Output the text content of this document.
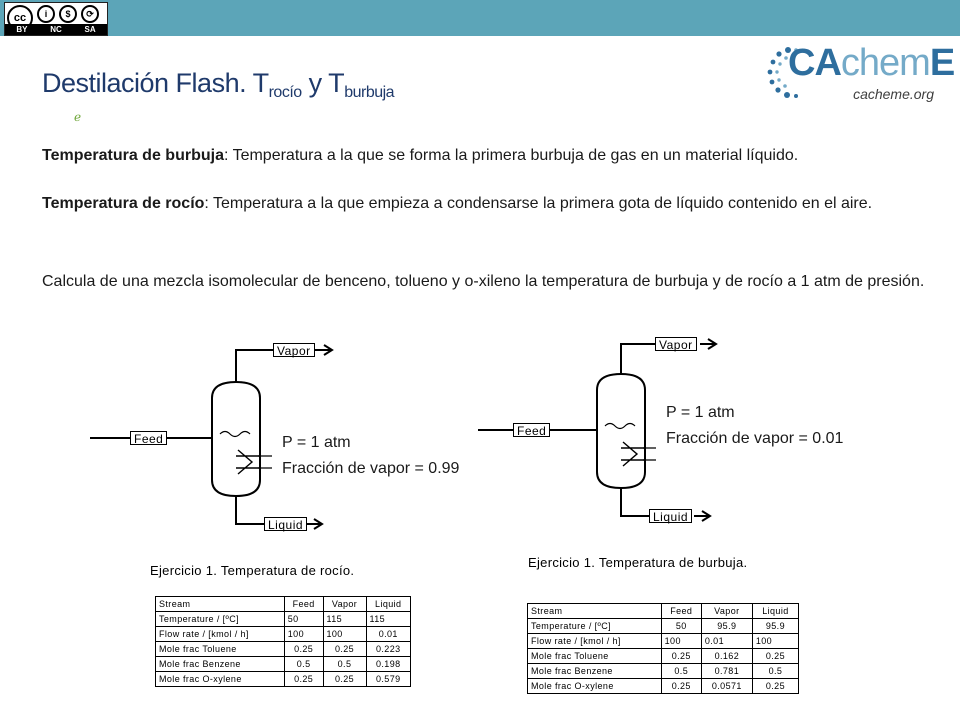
cc	i	$	⟳
BY	NC	SA
Destilación Flash. $T_{rocío}$ y $T_{burbuja}$
CAchemE
cacheme.org
ℯ
Temperatura de burbuja: Temperatura a la que se forma la primera burbuja de gas en un material líquido.
Temperatura de rocío: Temperatura a la que empieza a condensarse la primera gota de líquido contenido en el aire.
Calcula de una mezcla isomolecular de benceno, tolueno y o-xileno la temperatura de burbuja y de rocío a 1 atm de presión.
Vapor
Feed
Liquid
P = 1 atm
Fracción de vapor = 0.99
Vapor
Feed
Liquid
P = 1 atm
Fracción de vapor = 0.01
Ejercicio 1. Temperatura de rocío.
Stream	Feed	Vapor	Liquid
Temperature / [ºC]	50	115	115
Flow rate / [kmol / h]	100	100	0.01
Mole frac Toluene	0.25	0.25	0.223
Mole frac Benzene	0.5	0.5	0.198
Mole frac O-xylene	0.25	0.25	0.579
Ejercicio 1. Temperatura de burbuja.
Stream	Feed	Vapor	Liquid
Temperature / [ºC]	50	95.9	95.9
Flow rate / [kmol / h]	100	0.01	100
Mole frac Toluene	0.25	0.162	0.25
Mole frac Benzene	0.5	0.781	0.5
Mole frac O-xylene	0.25	0.0571	0.25
